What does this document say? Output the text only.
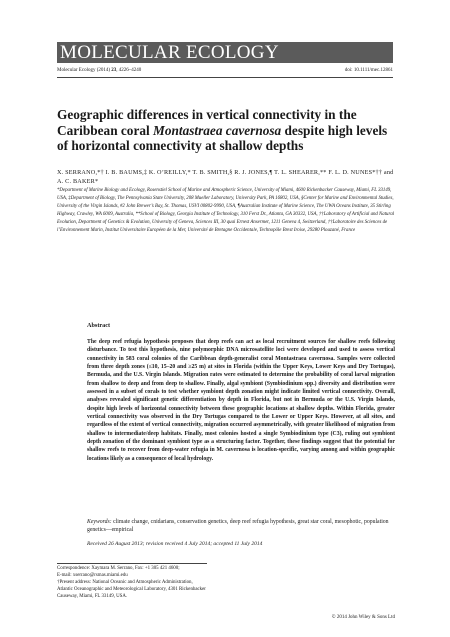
MOLECULAR ECOLOGY
Molecular Ecology (2014) 23, 4226–4240	doi: 10.1111/mec.12861
Geographic differences in vertical connectivity in the Caribbean coral Montastraea cavernosa despite high levels of horizontal connectivity at shallow depths

X. SERRANO,*† I. B. BAUMS,‡ K. O’REILLY,* T. B. SMITH,§ R. J. JONES,¶ T. L. SHEARER,** F. L. D. NUNES*†† and A. C. BAKER*

*Department of Marine Biology and Ecology, Rosenstiel School of Marine and Atmospheric Science, University of Miami, 4600 Rickenbacker Causeway, Miami, FL 33149, USA, ‡Department of Biology, The Pennsylvania State University, 208 Mueller Laboratory, University Park, PA 16802, USA, §Center for Marine and Environmental Studies, University of the Virgin Islands, #2 John Brewer’s Bay, St. Thomas, USVI 00802-9990, USA, ¶Australian Institute of Marine Science, The UWA Oceans Institute, 35 Stirling Highway, Crawley, WA 6009, Australia, **School of Biology, Georgia Institute of Technology, 310 Ferst Dr., Atlanta, GA 30332, USA, ††Laboratory of Artificial and Natural Evolution, Department of Genetics & Evolution, University of Geneva, Sciences III, 30 quai Ernest Ansermet, 1211 Geneva 4, Switzerland, ††Laboratoire des Sciences de l’Environnement Marin, Institut Universitaire Européen de la Mer, Université de Bretagne Occidentale, Technopôle Brest Iroise, 29280 Plouzané, France

Abstract

The deep reef refugia hypothesis proposes that deep reefs can act as local recruitment sources for shallow reefs following disturbance. To test this hypothesis, nine polymorphic DNA microsatellite loci were developed and used to assess vertical connectivity in 583 coral colonies of the Caribbean depth-generalist coral Montastraea cavernosa. Samples were collected from three depth zones (≤10, 15–20 and ≥25 m) at sites in Florida (within the Upper Keys, Lower Keys and Dry Tortugas), Bermuda, and the U.S. Virgin Islands. Migration rates were estimated to determine the probability of coral larval migration from shallow to deep and from deep to shallow. Finally, algal symbiont (Symbiodinium spp.) diversity and distribution were assessed in a subset of corals to test whether symbiont depth zonation might indicate limited vertical connectivity. Overall, analyses revealed significant genetic differentiation by depth in Florida, but not in Bermuda or the U.S. Virgin Islands, despite high levels of horizontal connectivity between these geographic locations at shallow depths. Within Florida, greater vertical connectivity was observed in the Dry Tortugas compared to the Lower or Upper Keys. However, at all sites, and regardless of the extent of vertical connectivity, migration occurred asymmetrically, with greater likelihood of migration from shallow to intermediate/deep habitats. Finally, most colonies hosted a single Symbiodinium type (C3), ruling out symbiont depth zonation of the dominant symbiont type as a structuring factor. Together, these findings suggest that the potential for shallow reefs to recover from deep-water refugia in M. cavernosa is location-specific, varying among and within geographic locations likely as a consequence of local hydrology.

Keywords: climate change, cnidarians, conservation genetics, deep reef refugia hypothesis, great star coral, mesophotic, population genetics—empirical

Received 26 August 2013; revision received 4 July 2014; accepted 11 July 2014

Correspondence: Xaymara M. Serrano, Fax: +1 305 421 4600;
E-mail: xserrano@rsmas.miami.edu
†Present address: National Oceanic and Atmospheric Administration, Atlantic Oceanographic and Meteorological Laboratory, 4301 Rickenbacker Causeway, Miami, FL 33149, USA.
© 2014 John Wiley & Sons Ltd
